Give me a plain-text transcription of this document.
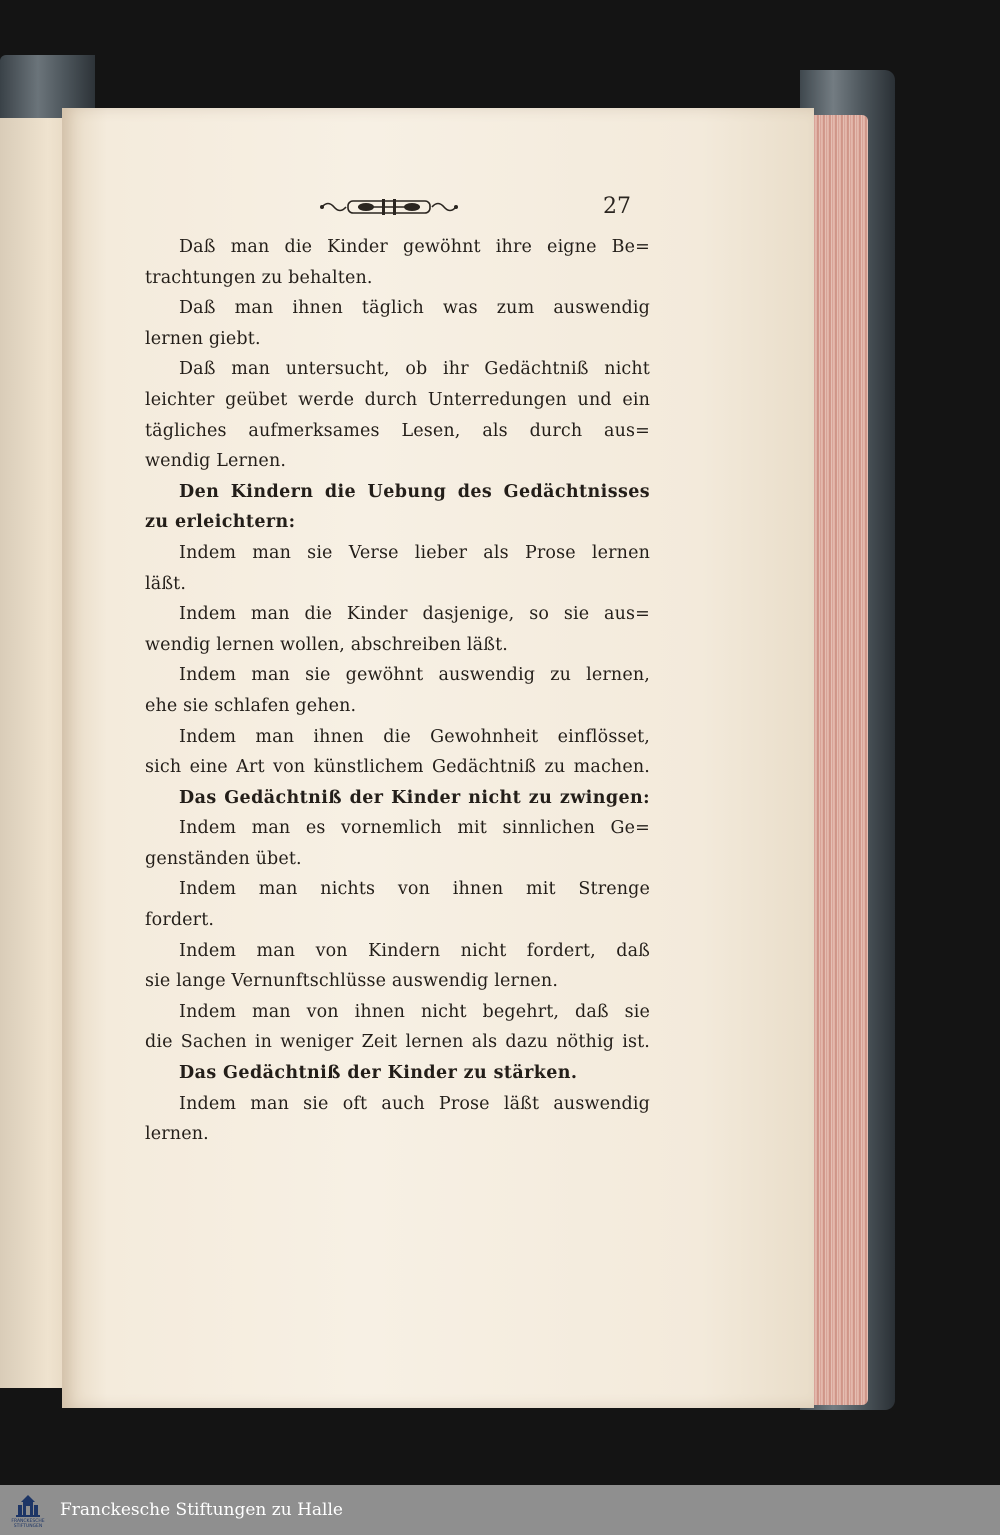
27
Daß man die Kinder gewöhnt ihre eigne Be=
trachtungen zu behalten.
Daß man ihnen täglich was zum auswendig
lernen giebt.
Daß man untersucht, ob ihr Gedächtniß nicht
leichter geübet werde durch Unterredungen und ein
tägliches aufmerksames Lesen, als durch aus=
wendig Lernen.
Den Kindern die Uebung des Gedächtnisses
zu erleichtern:
Indem man sie Verse lieber als Prose lernen
läßt.
Indem man die Kinder dasjenige, so sie aus=
wendig lernen wollen, abschreiben läßt.
Indem man sie gewöhnt auswendig zu lernen,
ehe sie schlafen gehen.
Indem man ihnen die Gewohnheit einflösset,
sich eine Art von künstlichem Gedächtniß zu machen.
Das Gedächtniß der Kinder nicht zu zwingen:
Indem man es vornemlich mit sinnlichen Ge=
genständen übet.
Indem man nichts von ihnen mit Strenge
fordert.
Indem man von Kindern nicht fordert, daß
sie lange Vernunftschlüsse auswendig lernen.
Indem man von ihnen nicht begehrt, daß sie
die Sachen in weniger Zeit lernen als dazu nöthig ist.
Das Gedächtniß der Kinder zu stärken.
Indem man sie oft auch Prose läßt auswendig
lernen.
FRANCKESCHE STIFTUNGEN
Franckesche Stiftungen zu Halle
